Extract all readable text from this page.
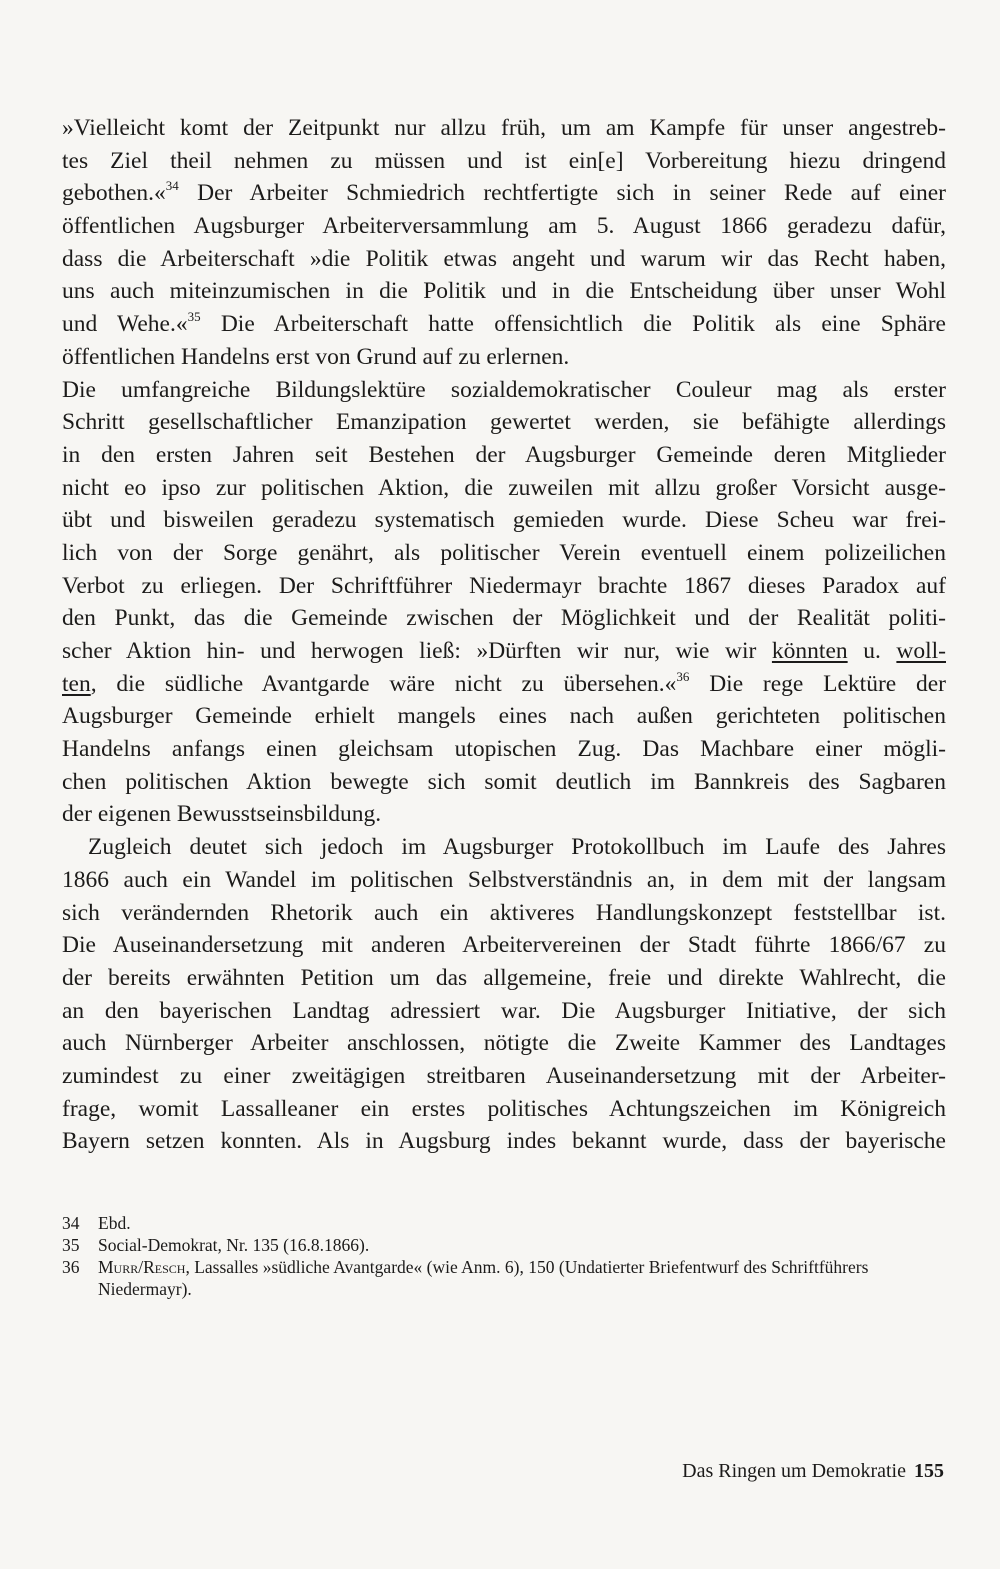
»Vielleicht komt der Zeitpunkt nur allzu früh, um am Kampfe für unser angestreb-
tes Ziel theil nehmen zu müssen und ist ein[e] Vorbereitung hiezu dringend
gebothen.«$^{34}$ Der Arbeiter Schmiedrich rechtfertigte sich in seiner Rede auf einer
öffentlichen Augsburger Arbeiterversammlung am 5. August 1866 geradezu dafür,
dass die Arbeiterschaft »die Politik etwas angeht und warum wir das Recht haben,
uns auch miteinzumischen in die Politik und in die Entscheidung über unser Wohl
und Wehe.«$^{35}$ Die Arbeiterschaft hatte offensichtlich die Politik als eine Sphäre
öffentlichen Handelns erst von Grund auf zu erlernen.
Die umfangreiche Bildungslektüre sozialdemokratischer Couleur mag als erster
Schritt gesellschaftlicher Emanzipation gewertet werden, sie befähigte allerdings
in den ersten Jahren seit Bestehen der Augsburger Gemeinde deren Mitglieder
nicht eo ipso zur politischen Aktion, die zuweilen mit allzu großer Vorsicht ausge-
übt und bisweilen geradezu systematisch gemieden wurde. Diese Scheu war frei-
lich von der Sorge genährt, als politischer Verein eventuell einem polizeilichen
Verbot zu erliegen. Der Schriftführer Niedermayr brachte 1867 dieses Paradox auf
den Punkt, das die Gemeinde zwischen der Möglichkeit und der Realität politi-
scher Aktion hin- und herwogen ließ: »Dürften wir nur, wie wir könnten u. woll-
ten, die südliche Avantgarde wäre nicht zu übersehen.«$^{36}$ Die rege Lektüre der
Augsburger Gemeinde erhielt mangels eines nach außen gerichteten politischen
Handelns anfangs einen gleichsam utopischen Zug. Das Machbare einer mögli-
chen politischen Aktion bewegte sich somit deutlich im Bannkreis des Sagbaren
der eigenen Bewusstseinsbildung.
Zugleich deutet sich jedoch im Augsburger Protokollbuch im Laufe des Jahres
1866 auch ein Wandel im politischen Selbstverständnis an, in dem mit der langsam
sich verändernden Rhetorik auch ein aktiveres Handlungskonzept feststellbar ist.
Die Auseinandersetzung mit anderen Arbeitervereinen der Stadt führte 1866/67 zu
der bereits erwähnten Petition um das allgemeine, freie und direkte Wahlrecht, die
an den bayerischen Landtag adressiert war. Die Augsburger Initiative, der sich
auch Nürnberger Arbeiter anschlossen, nötigte die Zweite Kammer des Landtages
zumindest zu einer zweitägigen streitbaren Auseinandersetzung mit der Arbeiter-
frage, womit Lassalleaner ein erstes politisches Achtungszeichen im Königreich
Bayern setzen konnten. Als in Augsburg indes bekannt wurde, dass der bayerische
34	Ebd.
35	Social-Demokrat, Nr. 135 (16.8.1866).
36	Murr/Resch, Lassalles »südliche Avantgarde« (wie Anm. 6), 150 (Undatierter Briefentwurf des Schriftführers Niedermayr).
Das Ringen um Demokratie 155
